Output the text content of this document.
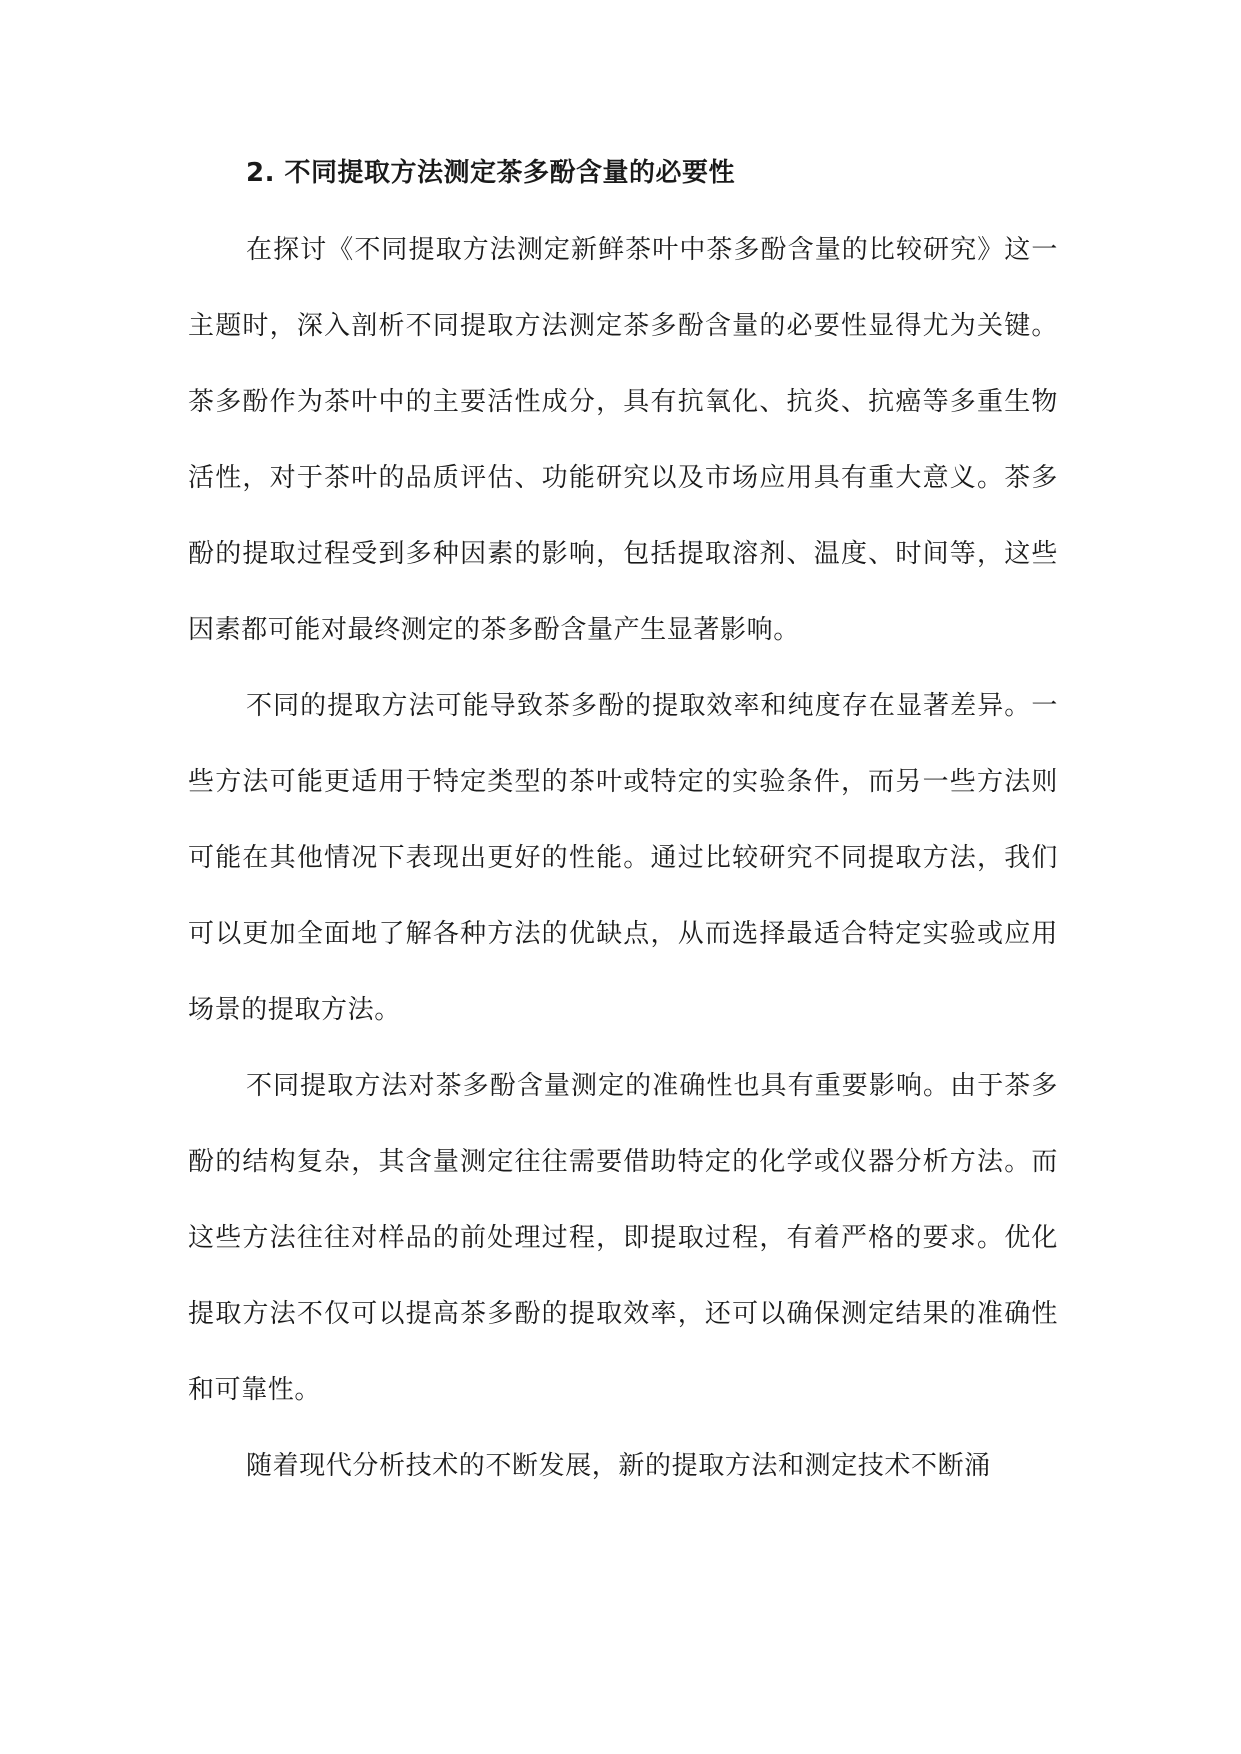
2. 不同提取方法测定茶多酚含量的必要性

在探讨《不同提取方法测定新鲜茶叶中茶多酚含量的比较研究》这一主题时，深入剖析不同提取方法测定茶多酚含量的必要性显得尤为关键。茶多酚作为茶叶中的主要活性成分，具有抗氧化、抗炎、抗癌等多重生物活性，对于茶叶的品质评估、功能研究以及市场应用具有重大意义。茶多酚的提取过程受到多种因素的影响，包括提取溶剂、温度、时间等，这些因素都可能对最终测定的茶多酚含量产生显著影响。

不同的提取方法可能导致茶多酚的提取效率和纯度存在显著差异。一些方法可能更适用于特定类型的茶叶或特定的实验条件，而另一些方法则可能在其他情况下表现出更好的性能。通过比较研究不同提取方法，我们可以更加全面地了解各种方法的优缺点，从而选择最适合特定实验或应用场景的提取方法。

不同提取方法对茶多酚含量测定的准确性也具有重要影响。由于茶多酚的结构复杂，其含量测定往往需要借助特定的化学或仪器分析方法。而这些方法往往对样品的前处理过程，即提取过程，有着严格的要求。优化提取方法不仅可以提高茶多酚的提取效率，还可以确保测定结果的准确性和可靠性。

随着现代分析技术的不断发展，新的提取方法和测定技术不断涌
